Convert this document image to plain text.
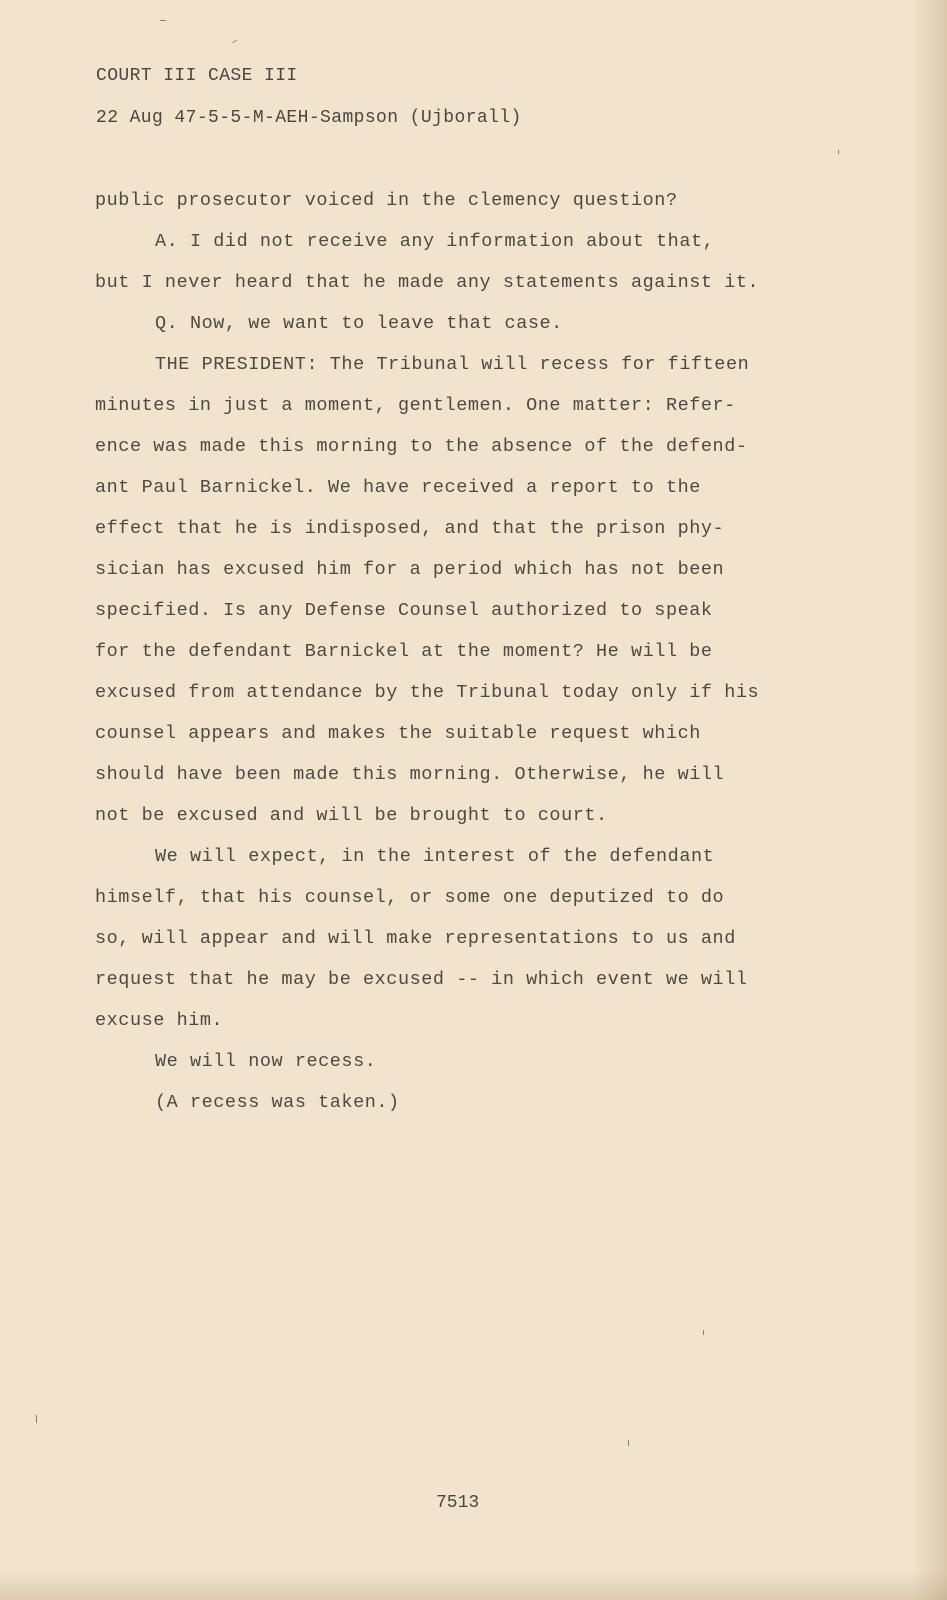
COURT III CASE III
22 Aug 47-5-5-M-AEH-Sampson (Ujborall)
public prosecutor voiced in the clemency question?
A. I did not receive any information about that,
but I never heard that he made any statements against it.
Q. Now, we want to leave that case.
THE PRESIDENT: The Tribunal will recess for fifteen
minutes in just a moment, gentlemen. One matter: Refer-
ence was made this morning to the absence of the defend-
ant Paul Barnickel. We have received a report to the
effect that he is indisposed, and that the prison phy-
sician has excused him for a period which has not been
specified. Is any Defense Counsel authorized to speak
for the defendant Barnickel at the moment? He will be
excused from attendance by the Tribunal today only if his
counsel appears and makes the suitable request which
should have been made this morning. Otherwise, he will
not be excused and will be brought to court.
We will expect, in the interest of the defendant
himself, that his counsel, or some one deputized to do
so, will appear and will make representations to us and
request that he may be excused -- in which event we will
excuse him.
We will now recess.
(A recess was taken.)
7513
